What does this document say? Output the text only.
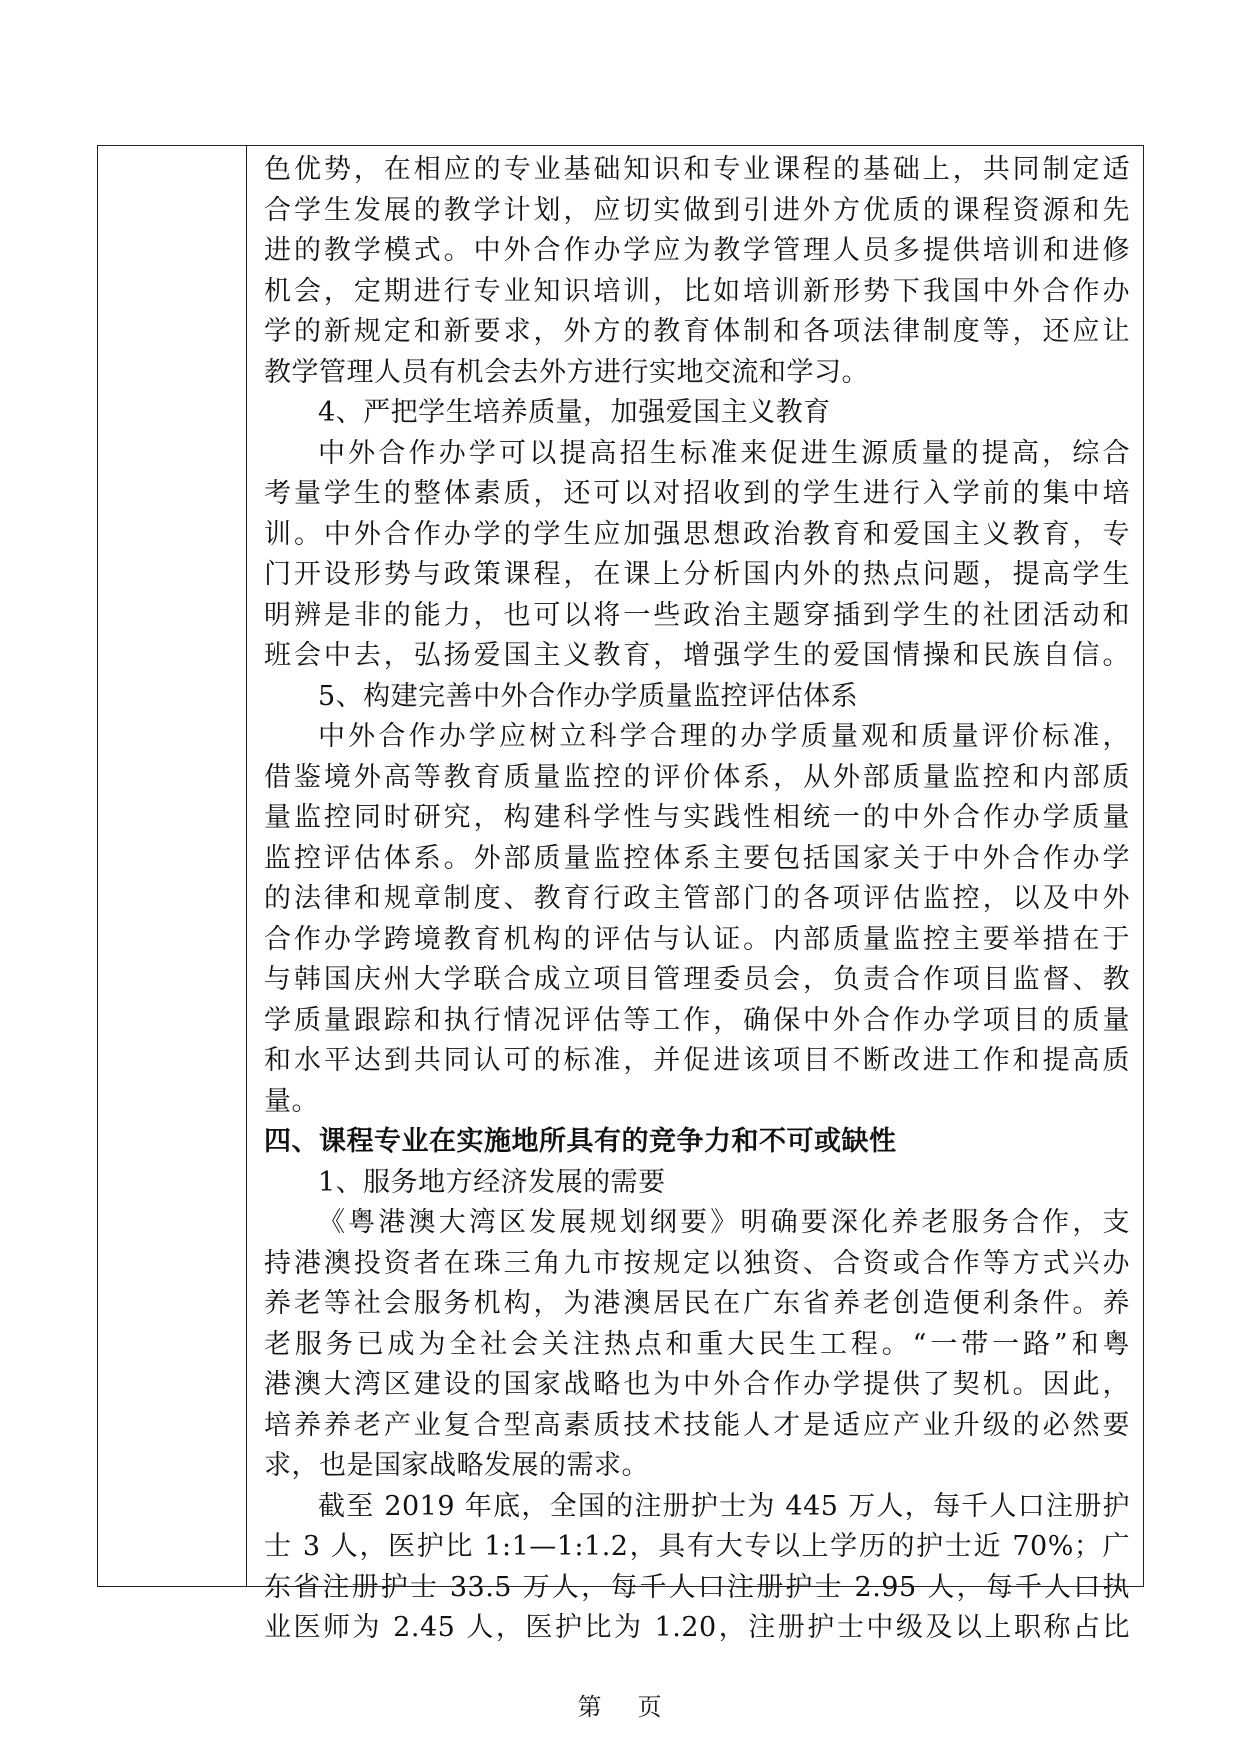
色优势，在相应的专业基础知识和专业课程的基础上，共同制定适
合学生发展的教学计划，应切实做到引进外方优质的课程资源和先
进的教学模式。中外合作办学应为教学管理人员多提供培训和进修
机会，定期进行专业知识培训，比如培训新形势下我国中外合作办
学的新规定和新要求，外方的教育体制和各项法律制度等，还应让
教学管理人员有机会去外方进行实地交流和学习。
4、严把学生培养质量，加强爱国主义教育
中外合作办学可以提高招生标准来促进生源质量的提高，综合
考量学生的整体素质，还可以对招收到的学生进行入学前的集中培
训。中外合作办学的学生应加强思想政治教育和爱国主义教育，专
门开设形势与政策课程，在课上分析国内外的热点问题，提高学生
明辨是非的能力，也可以将一些政治主题穿插到学生的社团活动和
班会中去，弘扬爱国主义教育，增强学生的爱国情操和民族自信。
5、构建完善中外合作办学质量监控评估体系
中外合作办学应树立科学合理的办学质量观和质量评价标准，
借鉴境外高等教育质量监控的评价体系，从外部质量监控和内部质
量监控同时研究，构建科学性与实践性相统一的中外合作办学质量
监控评估体系。外部质量监控体系主要包括国家关于中外合作办学
的法律和规章制度、教育行政主管部门的各项评估监控，以及中外
合作办学跨境教育机构的评估与认证。内部质量监控主要举措在于
与韩国庆州大学联合成立项目管理委员会，负责合作项目监督、教
学质量跟踪和执行情况评估等工作，确保中外合作办学项目的质量
和水平达到共同认可的标准，并促进该项目不断改进工作和提高质
量。
四、课程专业在实施地所具有的竞争力和不可或缺性
1、服务地方经济发展的需要
《粤港澳大湾区发展规划纲要》明确要深化养老服务合作，支
持港澳投资者在珠三角九市按规定以独资、合资或合作等方式兴办
养老等社会服务机构，为港澳居民在广东省养老创造便利条件。养
老服务已成为全社会关注热点和重大民生工程。“一带一路”和粤
港澳大湾区建设的国家战略也为中外合作办学提供了契机。因此，
培养养老产业复合型高素质技术技能人才是适应产业升级的必然要
求，也是国家战略发展的需求。
截至 2019 年底，全国的注册护士为 445 万人，每千人口注册护
士 3 人，医护比 1:1—1:1.2，具有大专以上学历的护士近 70%；广
东省注册护士 33.5 万人，每千人口注册护士 2.95 人，每千人口执
业医师为 2.45 人，医护比为 1.20，注册护士中级及以上职称占比
第 页
